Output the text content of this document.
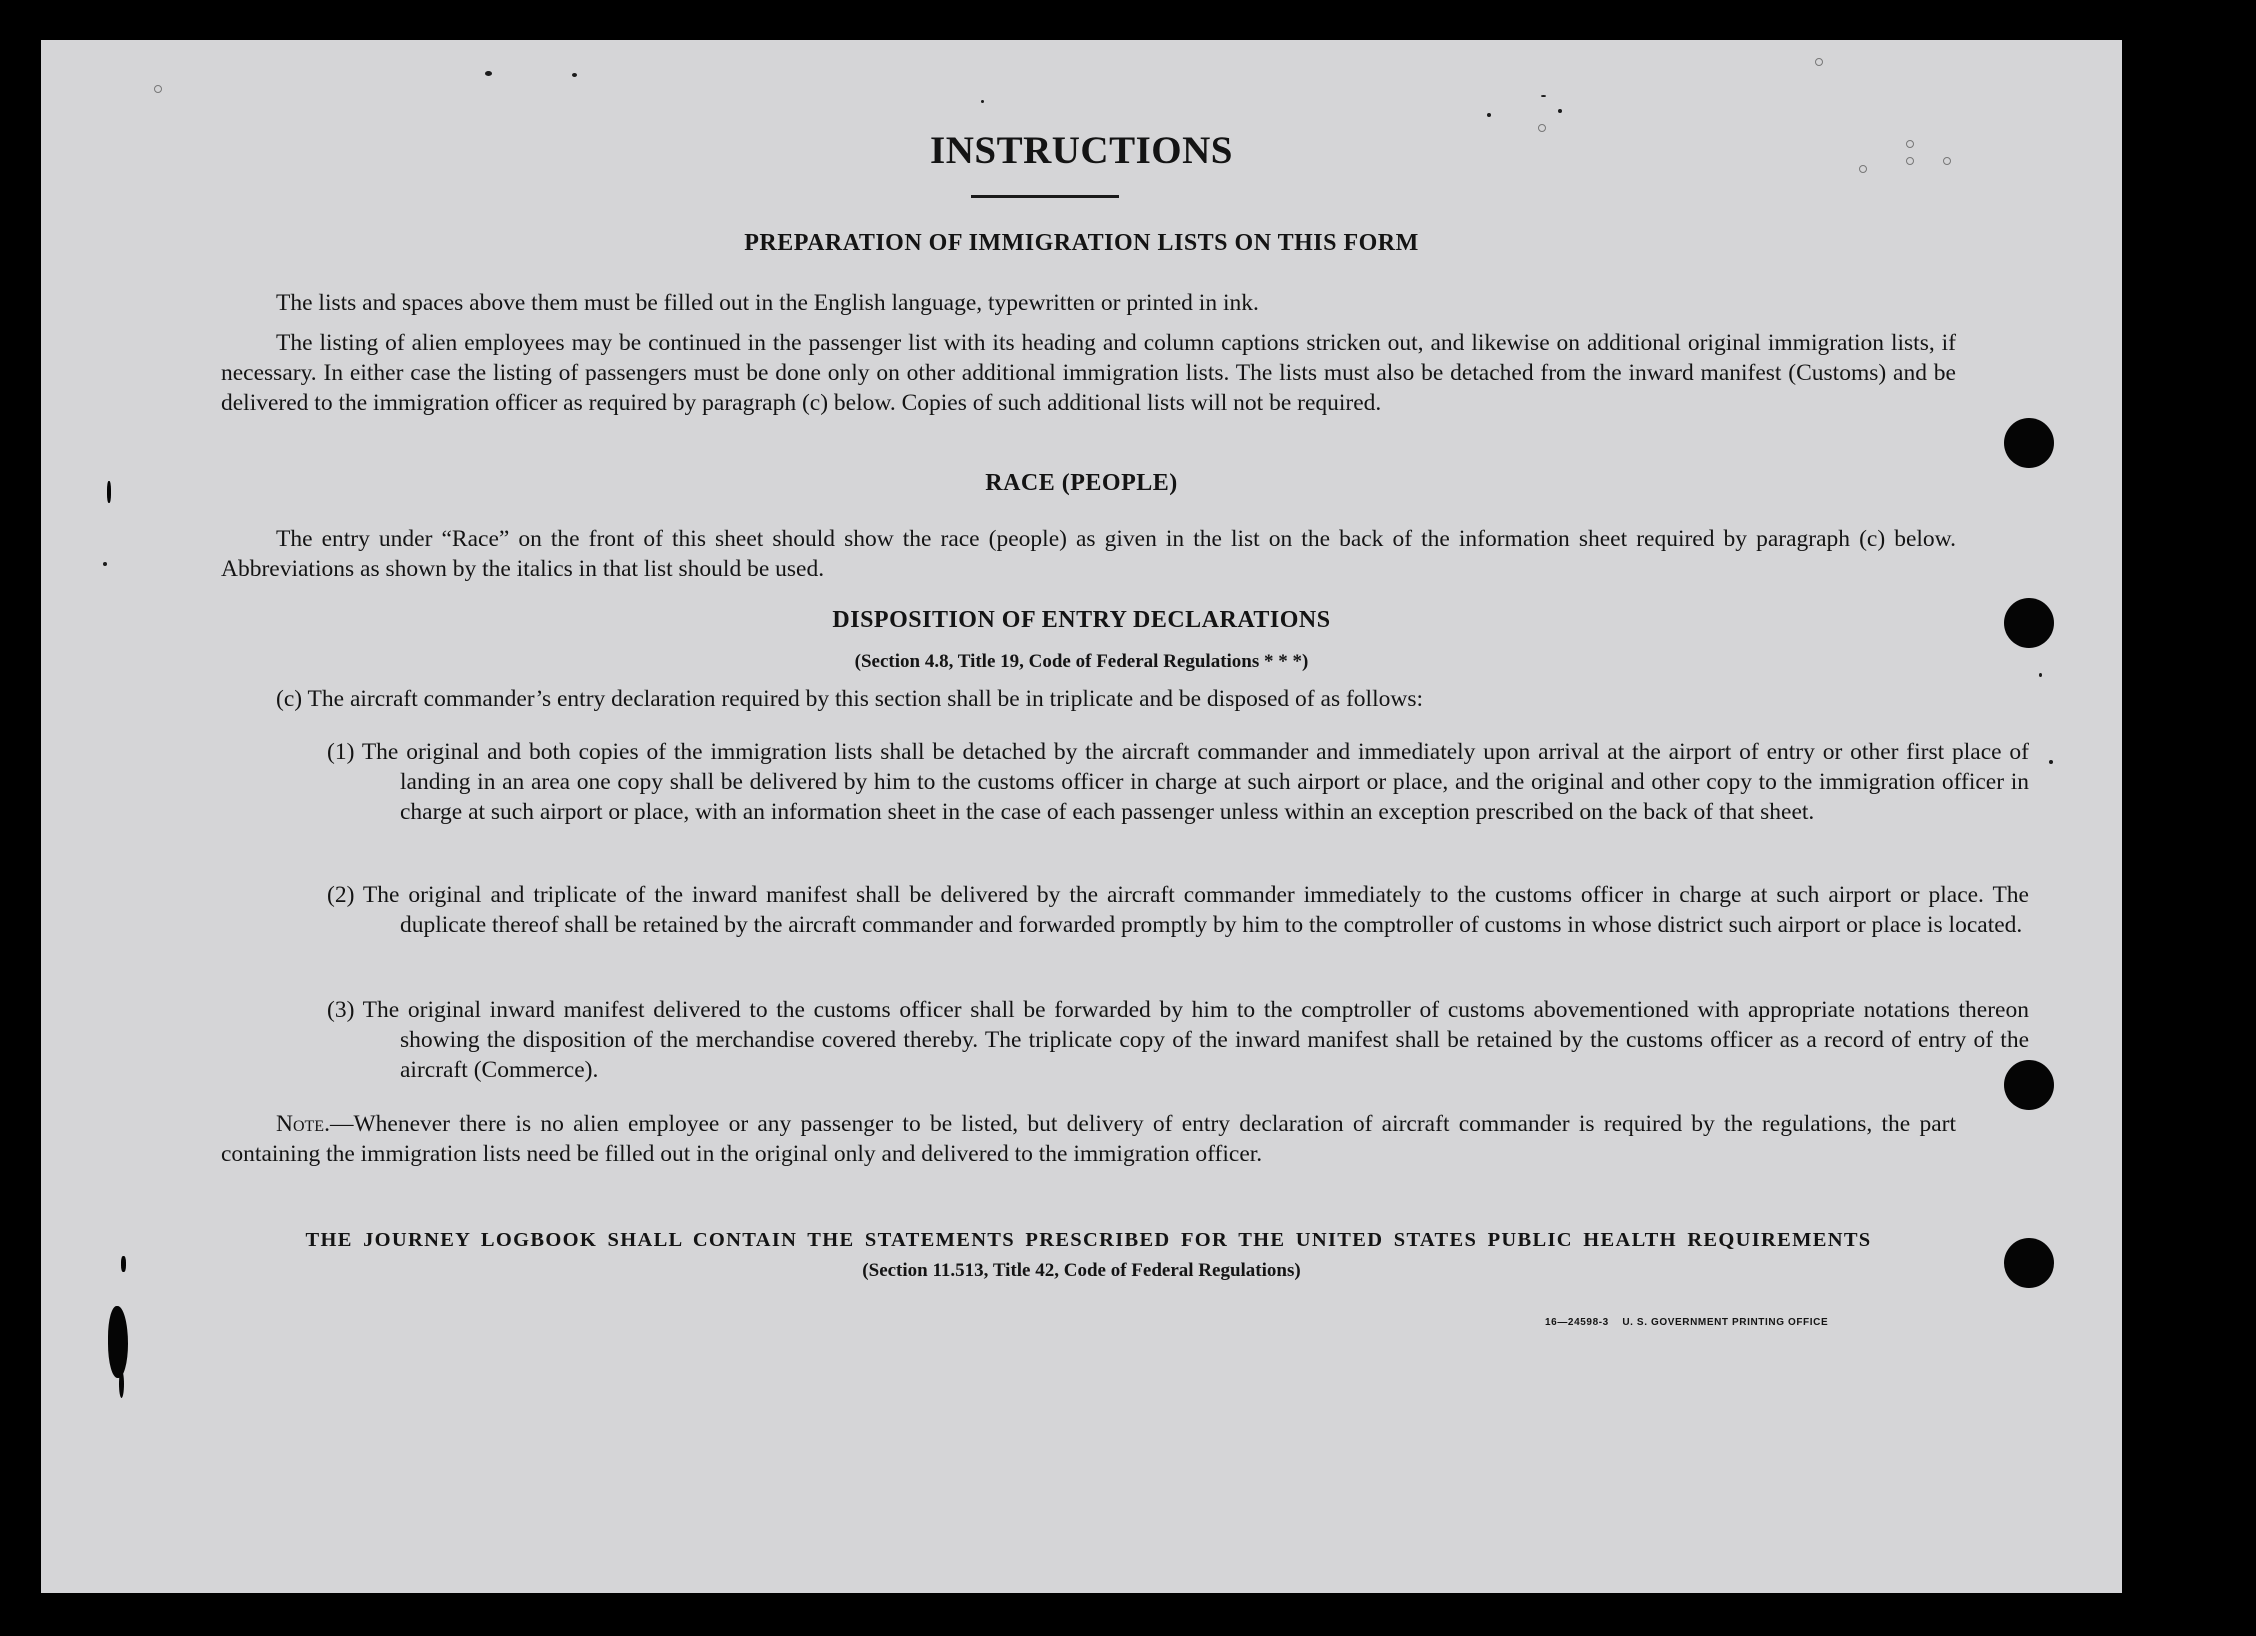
INSTRUCTIONS
PREPARATION OF IMMIGRATION LISTS ON THIS FORM

The lists and spaces above them must be filled out in the English language, typewritten or printed in ink.

The listing of alien employees may be continued in the passenger list with its heading and column captions stricken out, and likewise on additional original immigration lists, if necessary. In either case the listing of passengers must be done only on other additional immigration lists. The lists must also be detached from the inward manifest (Customs) and be delivered to the immigration officer as required by paragraph (c) below. Copies of such additional lists will not be required.

RACE (PEOPLE)

The entry under “Race” on the front of this sheet should show the race (people) as given in the list on the back of the information sheet required by paragraph (c) below. Abbreviations as shown by the italics in that list should be used.

DISPOSITION OF ENTRY DECLARATIONS

(Section 4.8, Title 19, Code of Federal Regulations * * *)

(c) The aircraft commander’s entry declaration required by this section shall be in triplicate and be disposed of as follows:

(1) The original and both copies of the immigration lists shall be detached by the aircraft commander and immediately upon arrival at the airport of entry or other first place of landing in an area one copy shall be delivered by him to the customs officer in charge at such airport or place, and the original and other copy to the immigration officer in charge at such airport or place, with an information sheet in the case of each passenger unless within an exception prescribed on the back of that sheet.

(2) The original and triplicate of the inward manifest shall be delivered by the aircraft commander immediately to the customs officer in charge at such airport or place. The duplicate thereof shall be retained by the aircraft commander and forwarded promptly by him to the comptroller of customs in whose district such airport or place is located.

(3) The original inward manifest delivered to the customs officer shall be forwarded by him to the comptroller of customs abovementioned with appropriate notations thereon showing the disposition of the merchandise covered thereby. The triplicate copy of the inward manifest shall be retained by the customs officer as a record of entry of the aircraft (Commerce).

Note.—Whenever there is no alien employee or any passenger to be listed, but delivery of entry declaration of aircraft commander is required by the regulations, the part containing the immigration lists need be filled out in the original only and delivered to the immigration officer.

THE JOURNEY LOGBOOK SHALL CONTAIN THE STATEMENTS PRESCRIBED FOR THE UNITED STATES PUBLIC HEALTH REQUIREMENTS

(Section 11.513, Title 42, Code of Federal Regulations)

16—24598-3 U. S. GOVERNMENT PRINTING OFFICE
